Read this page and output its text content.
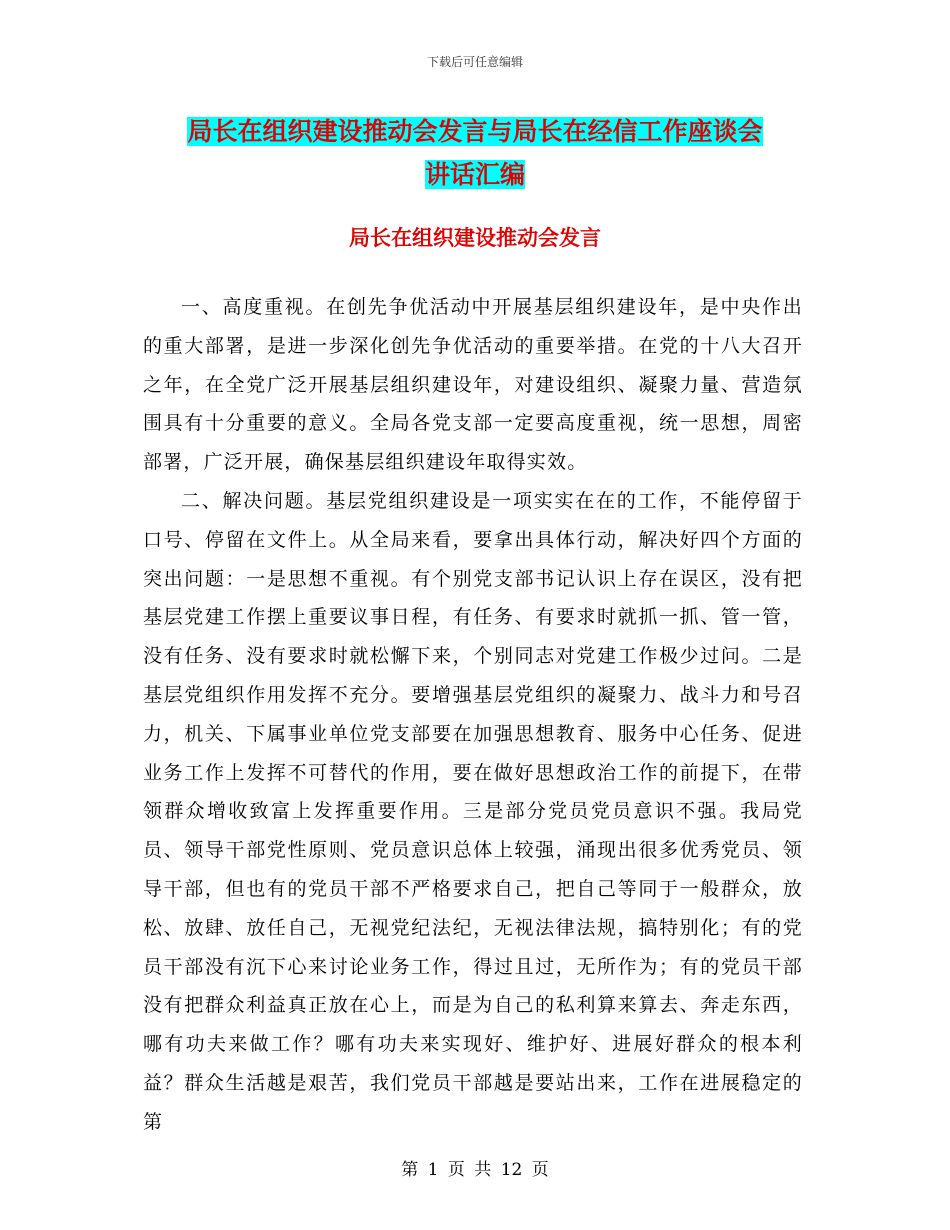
下载后可任意编辑
局长在组织建设推动会发言与局长在经信工作座谈会
讲话汇编
局长在组织建设推动会发言

一、高度重视。在创先争优活动中开展基层组织建设年，是中央作出的重大部署，是进一步深化创先争优活动的重要举措。在党的十八大召开之年，在全党广泛开展基层组织建设年，对建设组织、凝聚力量、营造氛围具有十分重要的意义。全局各党支部一定要高度重视，统一思想，周密部署，广泛开展，确保基层组织建设年取得实效。

二、解决问题。基层党组织建设是一项实实在在的工作，不能停留于口号、停留在文件上。从全局来看，要拿出具体行动，解决好四个方面的突出问题：一是思想不重视。有个别党支部书记认识上存在误区，没有把基层党建工作摆上重要议事日程，有任务、有要求时就抓一抓、管一管，没有任务、没有要求时就松懈下来，个别同志对党建工作极少过问。二是基层党组织作用发挥不充分。要增强基层党组织的凝聚力、战斗力和号召力，机关、下属事业单位党支部要在加强思想教育、服务中心任务、促进业务工作上发挥不可替代的作用，要在做好思想政治工作的前提下，在带领群众增收致富上发挥重要作用。三是部分党员党员意识不强。我局党员、领导干部党性原则、党员意识总体上较强，涌现出很多优秀党员、领导干部，但也有的党员干部不严格要求自己，把自己等同于一般群众，放松、放肆、放任自己，无视党纪法纪，无视法律法规，搞特别化；有的党员干部没有沉下心来讨论业务工作，得过且过，无所作为；有的党员干部没有把群众利益真正放在心上，而是为自己的私利算来算去、奔走东西，哪有功夫来做工作？哪有功夫来实现好、维护好、进展好群众的根本利益？群众生活越是艰苦，我们党员干部越是要站出来，工作在进展稳定的第

第 1 页 共 12 页
